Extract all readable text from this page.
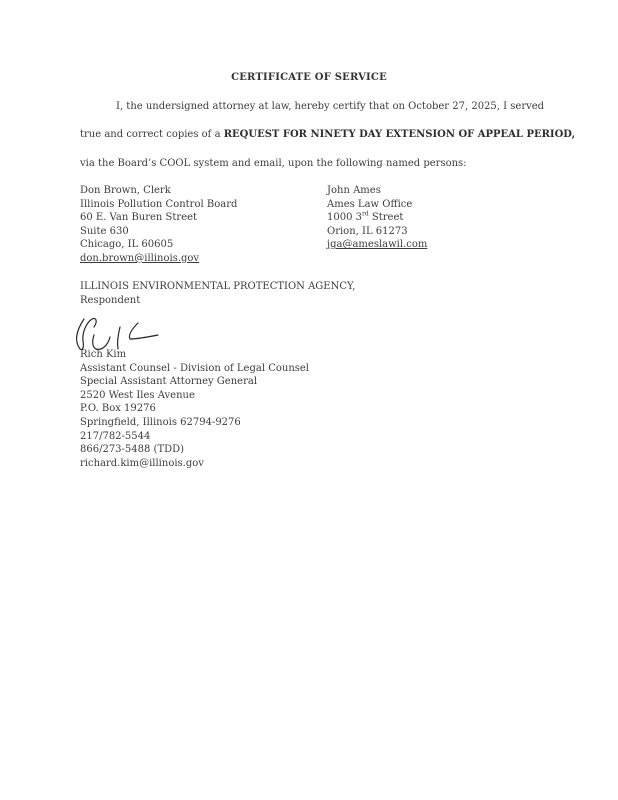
CERTIFICATE OF SERVICE
I, the undersigned attorney at law, hereby certify that on October 27, 2025, I served
true and correct copies of a REQUEST FOR NINETY DAY EXTENSION OF APPEAL PERIOD,
via the Board’s COOL system and email, upon the following named persons:
Don Brown, Clerk
Illinois Pollution Control Board
60 E. Van Buren Street
Suite 630
Chicago, IL 60605
don.brown@illinois.gov
John Ames
Ames Law Office
1000 3rd Street
Orion, IL 61273
jga@ameslawil.com
ILLINOIS ENVIRONMENTAL PROTECTION AGENCY,
Respondent
Rich Kim
Assistant Counsel - Division of Legal Counsel
Special Assistant Attorney General
2520 West Iles Avenue
P.O. Box 19276
Springfield, Illinois 62794-9276
217/782-5544
866/273-5488 (TDD)
richard.kim@illinois.gov
